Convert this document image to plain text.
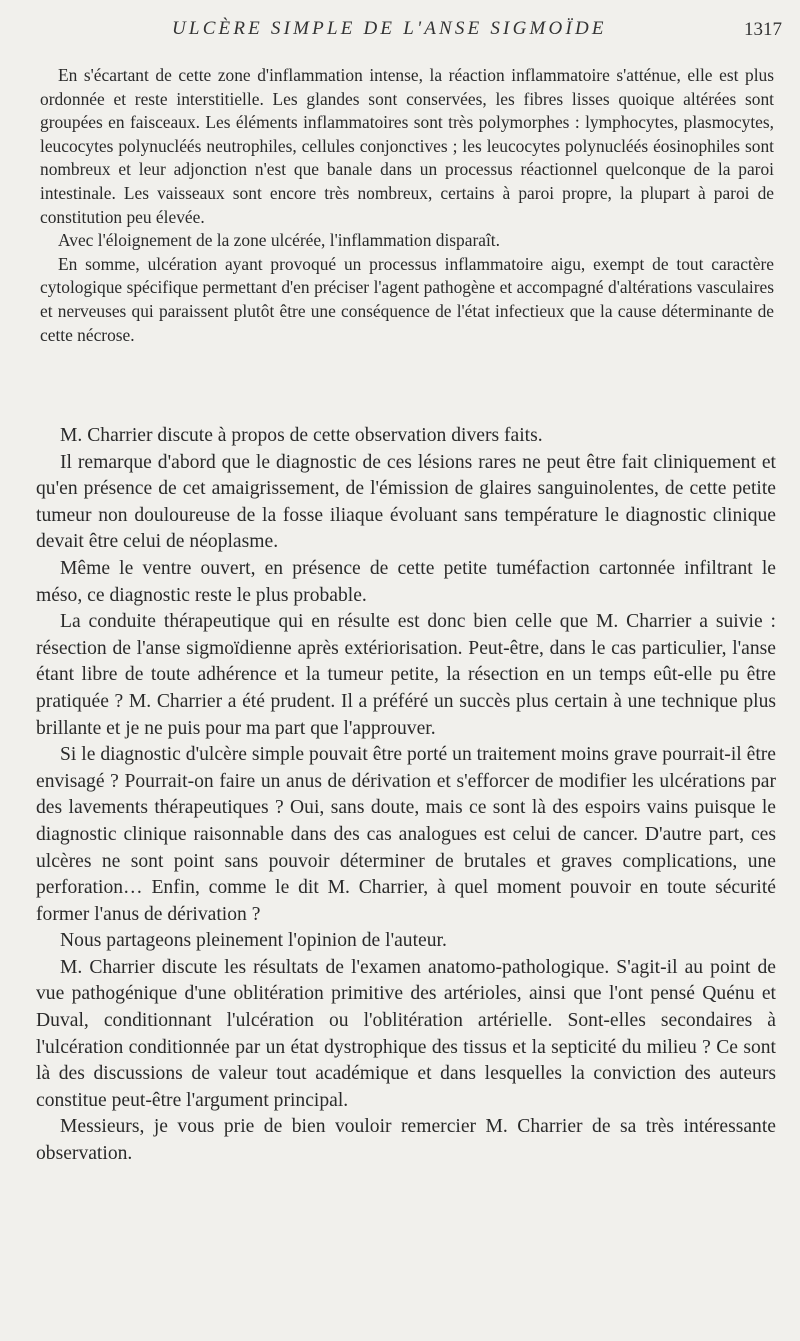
ULCÈRE SIMPLE DE L'ANSE SIGMOÏDE	1317

En s'écartant de cette zone d'inflammation intense, la réaction inflammatoire s'atténue, elle est plus ordonnée et reste interstitielle. Les glandes sont conservées, les fibres lisses quoique altérées sont groupées en faisceaux. Les éléments inflammatoires sont très polymorphes : lymphocytes, plasmocytes, leucocytes polynucléés neutrophiles, cellules conjonctives ; les leucocytes polynucléés éosinophiles sont nombreux et leur adjonction n'est que banale dans un processus réactionnel quelconque de la paroi intestinale. Les vaisseaux sont encore très nombreux, certains à paroi propre, la plupart à paroi de constitution peu élevée.

Avec l'éloignement de la zone ulcérée, l'inflammation disparaît.

En somme, ulcération ayant provoqué un processus inflammatoire aigu, exempt de tout caractère cytologique spécifique permettant d'en préciser l'agent pathogène et accompagné d'altérations vasculaires et nerveuses qui paraissent plutôt être une conséquence de l'état infectieux que la cause déterminante de cette nécrose.

M. Charrier discute à propos de cette observation divers faits.

Il remarque d'abord que le diagnostic de ces lésions rares ne peut être fait cliniquement et qu'en présence de cet amaigrissement, de l'émission de glaires sanguinolentes, de cette petite tumeur non douloureuse de la fosse iliaque évoluant sans température le diagnostic clinique devait être celui de néoplasme.

Même le ventre ouvert, en présence de cette petite tuméfaction cartonnée infiltrant le méso, ce diagnostic reste le plus probable.

La conduite thérapeutique qui en résulte est donc bien celle que M. Charrier a suivie : résection de l'anse sigmoïdienne après extériorisation. Peut-être, dans le cas particulier, l'anse étant libre de toute adhérence et la tumeur petite, la résection en un temps eût-elle pu être pratiquée ? M. Charrier a été prudent. Il a préféré un succès plus certain à une technique plus brillante et je ne puis pour ma part que l'approuver.

Si le diagnostic d'ulcère simple pouvait être porté un traitement moins grave pourrait-il être envisagé ? Pourrait-on faire un anus de dérivation et s'efforcer de modifier les ulcérations par des lavements thérapeutiques ? Oui, sans doute, mais ce sont là des espoirs vains puisque le diagnostic clinique raisonnable dans des cas analogues est celui de cancer. D'autre part, ces ulcères ne sont point sans pouvoir déterminer de brutales et graves complications, une perforation… Enfin, comme le dit M. Charrier, à quel moment pouvoir en toute sécurité former l'anus de dérivation ?

Nous partageons pleinement l'opinion de l'auteur.

M. Charrier discute les résultats de l'examen anatomo-pathologique. S'agit-il au point de vue pathogénique d'une oblitération primitive des artérioles, ainsi que l'ont pensé Quénu et Duval, conditionnant l'ulcération ou l'oblitération artérielle. Sont-elles secondaires à l'ulcération conditionnée par un état dystrophique des tissus et la septicité du milieu ? Ce sont là des discussions de valeur tout académique et dans lesquelles la conviction des auteurs constitue peut-être l'argument principal.

Messieurs, je vous prie de bien vouloir remercier M. Charrier de sa très intéressante observation.
